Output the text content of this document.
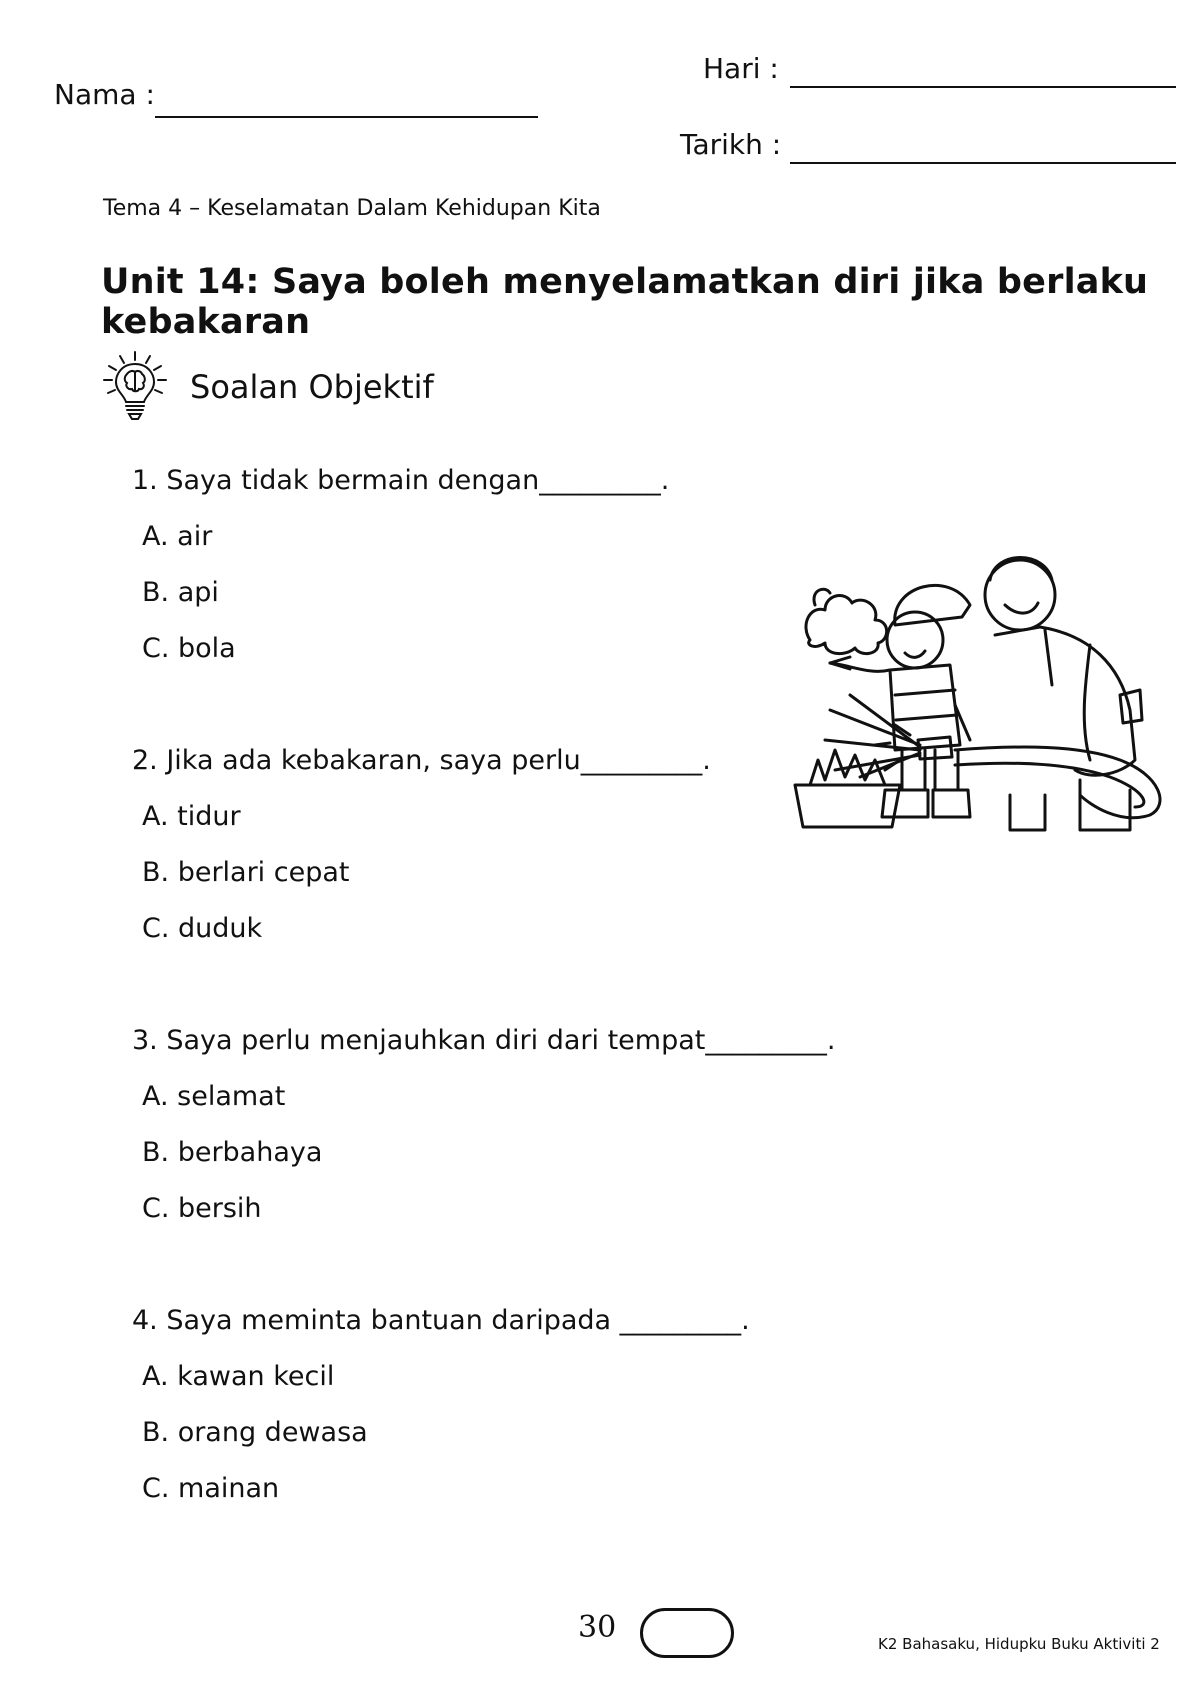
Nama :
Hari :
Tarikh :
Tema 4 – Keselamatan Dalam Kehidupan Kita
Unit 14: Saya boleh menyelamatkan diri jika berlaku kebakaran
Soalan Objektif
1. Saya tidak bermain dengan_________.
A. air
B. api
C. bola
2. Jika ada kebakaran, saya perlu_________.
A. tidur
B. berlari cepat
C. duduk
3. Saya perlu menjauhkan diri dari tempat_________.
A. selamat
B. berbahaya
C. bersih
4. Saya meminta bantuan daripada _________.
A. kawan kecil
B. orang dewasa
C. mainan
30	K2 Bahasaku, Hidupku Buku Aktiviti 2
